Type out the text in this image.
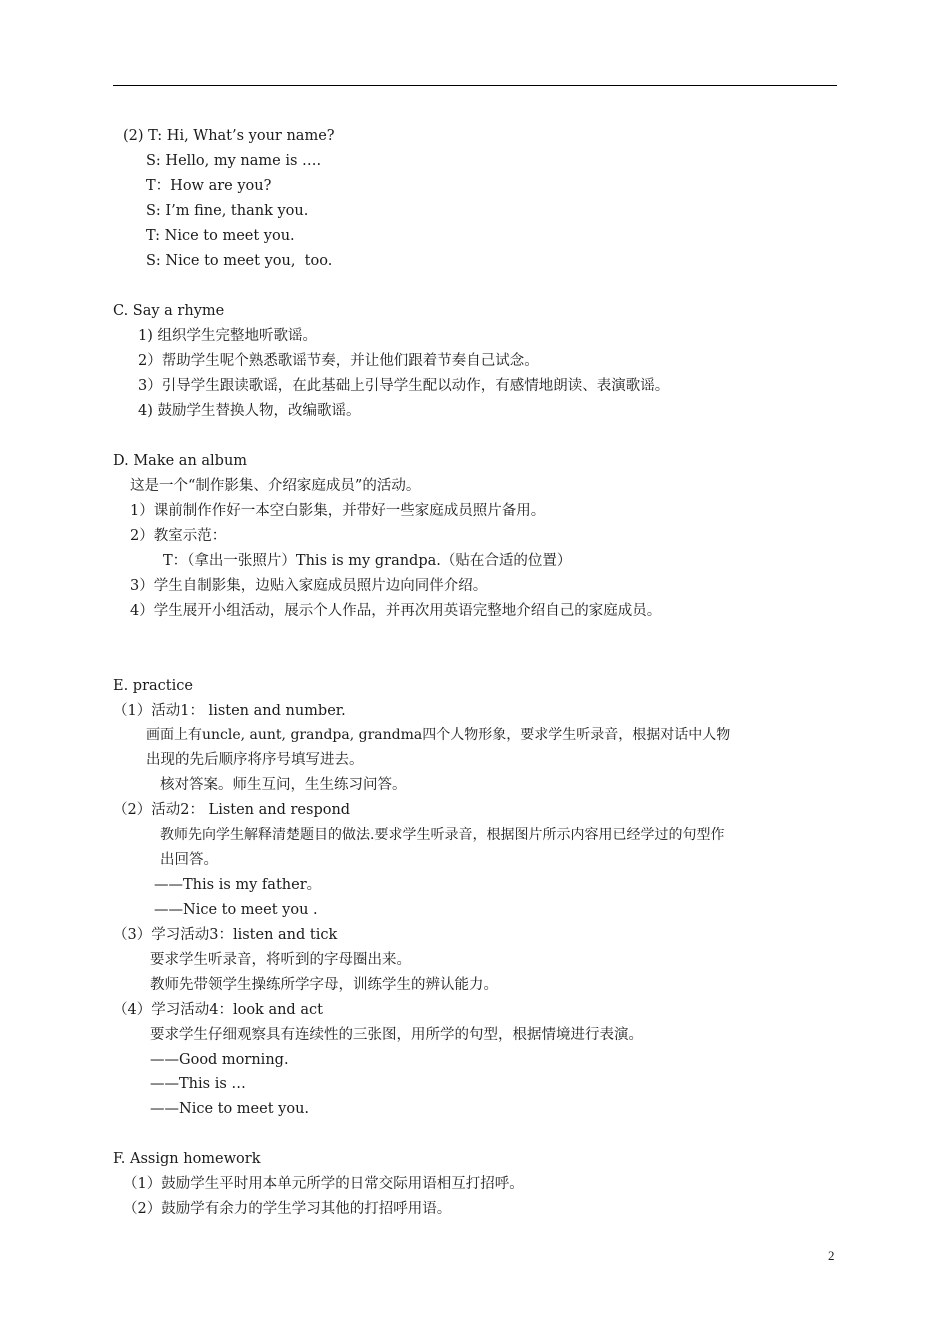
(2) T: Hi, What’s your name?
S: Hello, my name is ….
T：How are you?
S: I’m fine, thank you.
T: Nice to meet you.
S: Nice to meet you,  too.
C. Say a rhyme
1) 组织学生完整地听歌谣。
2）帮助学生呢个熟悉歌谣节奏，并让他们跟着节奏自己试念。
3）引导学生跟读歌谣，在此基础上引导学生配以动作，有感情地朗读、表演歌谣。
4) 鼓励学生替换人物，改编歌谣。
D. Make an album
这是一个“制作影集、介绍家庭成员”的活动。
1）课前制作作好一本空白影集，并带好一些家庭成员照片备用。
2）教室示范：
T：（拿出一张照片）This is my grandpa.（贴在合适的位置）
3）学生自制影集，边贴入家庭成员照片边向同伴介绍。
4）学生展开小组活动，展示个人作品，并再次用英语完整地介绍自己的家庭成员。
E. practice
（1）活动1： listen and number.
画面上有uncle, aunt, grandpa, grandma四个人物形象，要求学生听录音，根据对话中人物
出现的先后顺序将序号填写进去。
核对答案。师生互问，生生练习问答。
（2）活动2： Listen and respond
教师先向学生解释清楚题目的做法.要求学生听录音，根据图片所示内容用已经学过的句型作
出回答。
——This is my father。
——Nice to meet you .
（3）学习活动3：listen and tick
要求学生听录音，将听到的字母圈出来。
教师先带领学生操练所学字母，训练学生的辨认能力。
（4）学习活动4：look and act
要求学生仔细观察具有连续性的三张图，用所学的句型，根据情境进行表演。
——Good morning.
——This is …
——Nice to meet you.
F. Assign homework
（1）鼓励学生平时用本单元所学的日常交际用语相互打招呼。
（2）鼓励学有余力的学生学习其他的打招呼用语。
2
